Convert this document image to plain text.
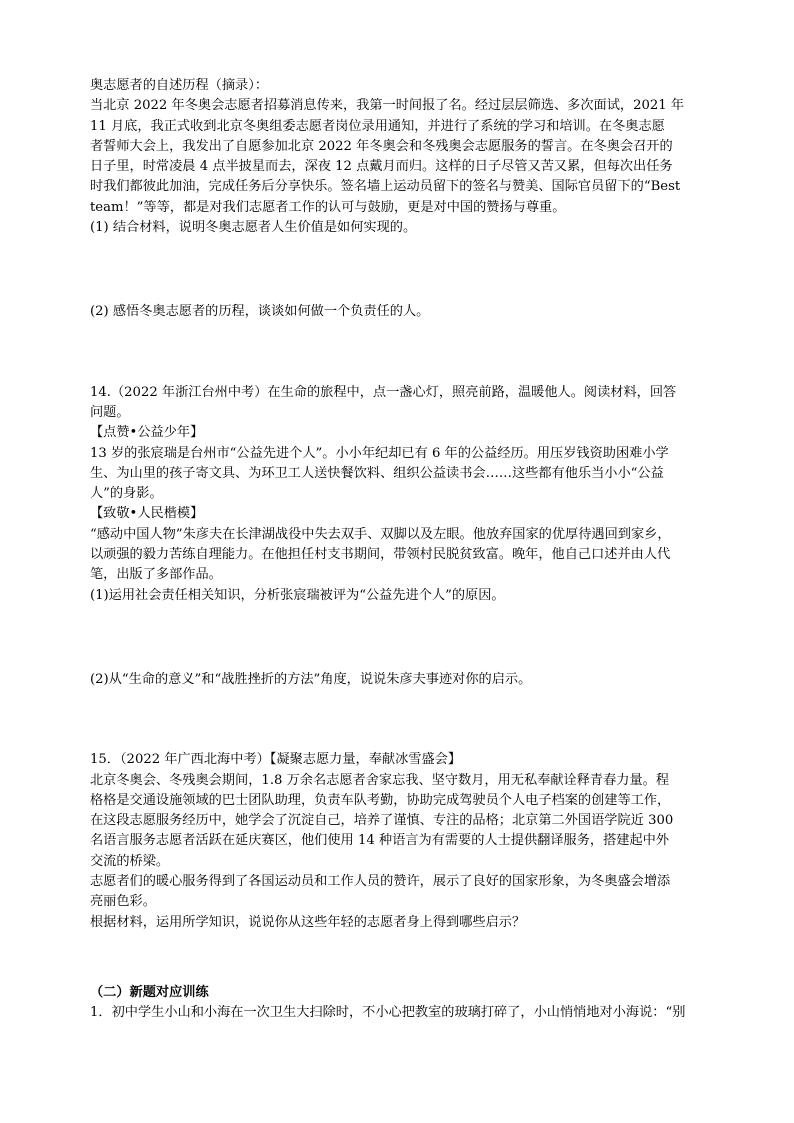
奥志愿者的自述历程（摘录）：
当北京 2022 年冬奥会志愿者招募消息传来，我第一时间报了名。经过层层筛选、多次面试，2021 年
11 月底，我正式收到北京冬奥组委志愿者岗位录用通知，并进行了系统的学习和培训。在冬奥志愿
者誓师大会上，我发出了自愿参加北京 2022 年冬奥会和冬残奥会志愿服务的誓言。在冬奥会召开的
日子里，时常凌晨 4 点半披星而去，深夜 12 点戴月而归。这样的日子尽管又苦又累，但每次出任务
时我们都彼此加油，完成任务后分享快乐。签名墙上运动员留下的签名与赞美、国际官员留下的“Best
team！”等等，都是对我们志愿者工作的认可与鼓励，更是对中国的赞扬与尊重。
(1) 结合材料，说明冬奥志愿者人生价值是如何实现的。
(2) 感悟冬奥志愿者的历程，谈谈如何做一个负责任的人。
14.（2022 年浙江台州中考）在生命的旅程中，点一盏心灯，照亮前路，温暖他人。阅读材料，回答
问题。
【点赞•公益少年】
13 岁的张宸瑞是台州市“公益先进个人”。小小年纪却已有 6 年的公益经历。用压岁钱资助困难小学
生、为山里的孩子寄文具、为环卫工人送快餐饮料、组织公益读书会……这些都有他乐当小小“公益
人”的身影。
【致敬•人民楷模】
“感动中国人物”朱彦夫在长津湖战役中失去双手、双脚以及左眼。他放弃国家的优厚待遇回到家乡，
以顽强的毅力苦练自理能力。在他担任村支书期间，带领村民脱贫致富。晚年，他自己口述并由人代
笔，出版了多部作品。
(1)运用社会责任相关知识，分析张宸瑞被评为“公益先进个人”的原因。
(2)从“生命的意义”和“战胜挫折的方法”角度，说说朱彦夫事迹对你的启示。
15．（2022 年广西北海中考）【凝聚志愿力量，奉献冰雪盛会】
北京冬奥会、冬残奥会期间，1.8 万余名志愿者舍家忘我、坚守数月，用无私奉献诠释青春力量。程
格格是交通设施领域的巴士团队助理，负责车队考勤，协助完成驾驶员个人电子档案的创建等工作，
在这段志愿服务经历中，她学会了沉淀自己，培养了谨慎、专注的品格；北京第二外国语学院近 300
名语言服务志愿者活跃在延庆赛区，他们使用 14 种语言为有需要的人士提供翻译服务，搭建起中外
交流的桥梁。
志愿者们的暖心服务得到了各国运动员和工作人员的赞许，展示了良好的国家形象，为冬奥盛会增添
亮丽色彩。
根据材料，运用所学知识，说说你从这些年轻的志愿者身上得到哪些启示？
（二）新题对应训练
1．初中学生小山和小海在一次卫生大扫除时，不小心把教室的玻璃打碎了，小山悄悄地对小海说：“别
